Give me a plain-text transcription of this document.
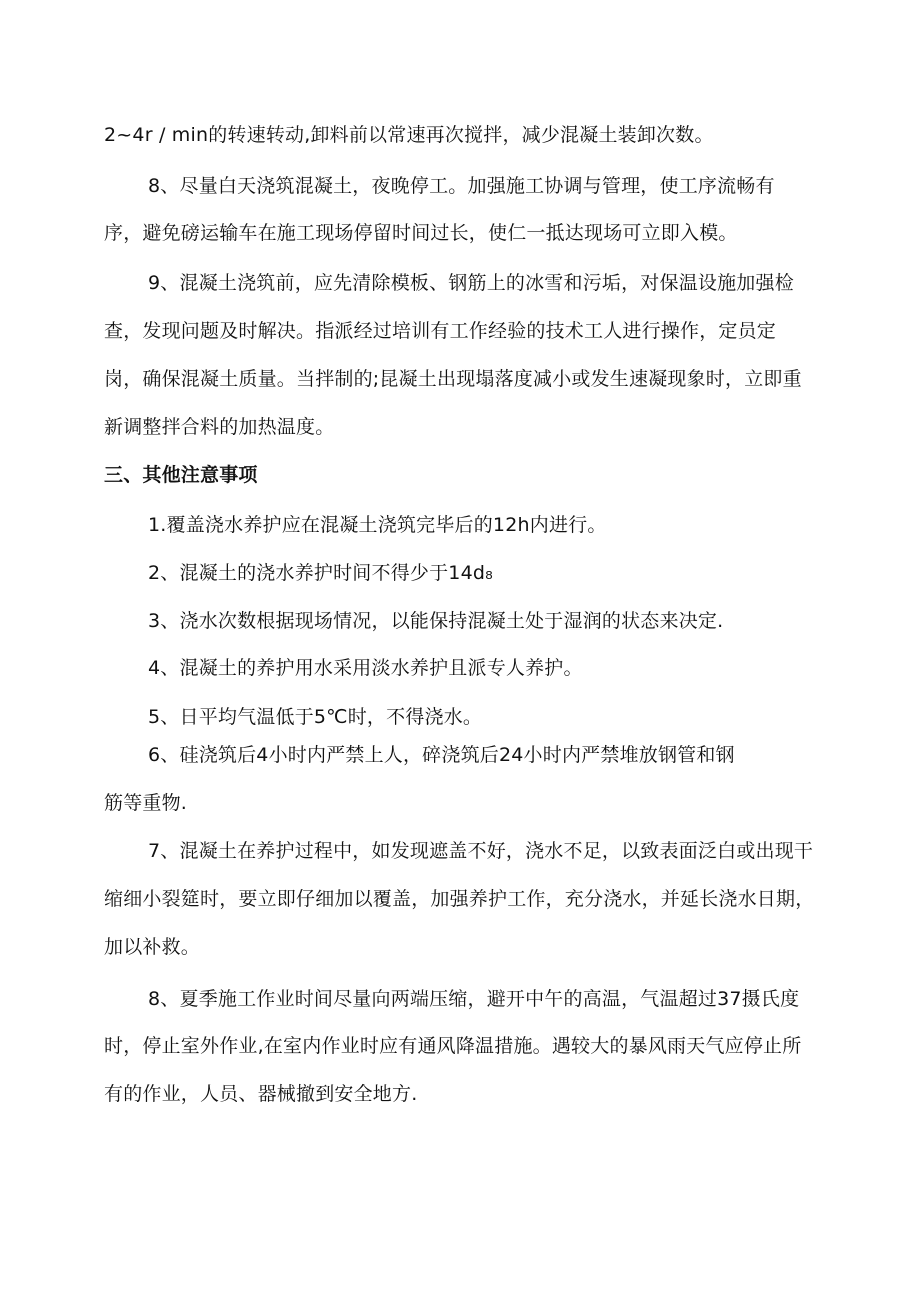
2~4r / min的转速转动,卸料前以常速再次搅拌，减少混凝土装卸次数。
8、尽量白天浇筑混凝土，夜晚停工。加强施工协调与管理，使工序流畅有
序，避免磅运输车在施工现场停留时间过长，使仁一抵达现场可立即入模。
9、混凝土浇筑前，应先清除模板、钢筋上的冰雪和污垢，对保温设施加强检
查，发现问题及时解决。指派经过培训有工作经验的技术工人进行操作，定员定
岗，确保混凝土质量。当拌制的;昆凝土出现塌落度减小或发生速凝现象时，立即重
新调整拌合料的加热温度。
三、其他注意事项
1.覆盖浇水养护应在混凝土浇筑完毕后的12h内进行。
2、混凝土的浇水养护时间不得少于14d₈
3、浇水次数根据现场情况，以能保持混凝土处于湿润的状态来决定.
4、混凝土的养护用水采用淡水养护且派专人养护。
5、日平均气温低于5℃时，不得浇水。
6、硅浇筑后4小时内严禁上人，碎浇筑后24小时内严禁堆放钢管和钢
筋等重物.
7、混凝土在养护过程中，如发现遮盖不好，浇水不足，以致表面泛白或出现干
缩细小裂筵时，要立即仔细加以覆盖，加强养护工作，充分浇水，并延长浇水日期，
加以补救。
8、夏季施工作业时间尽量向两端压缩，避开中午的高温，气温超过37摄氏度
时，停止室外作业,在室内作业时应有通风降温措施。遇较大的暴风雨天气应停止所
有的作业，人员、器械撤到安全地方.
